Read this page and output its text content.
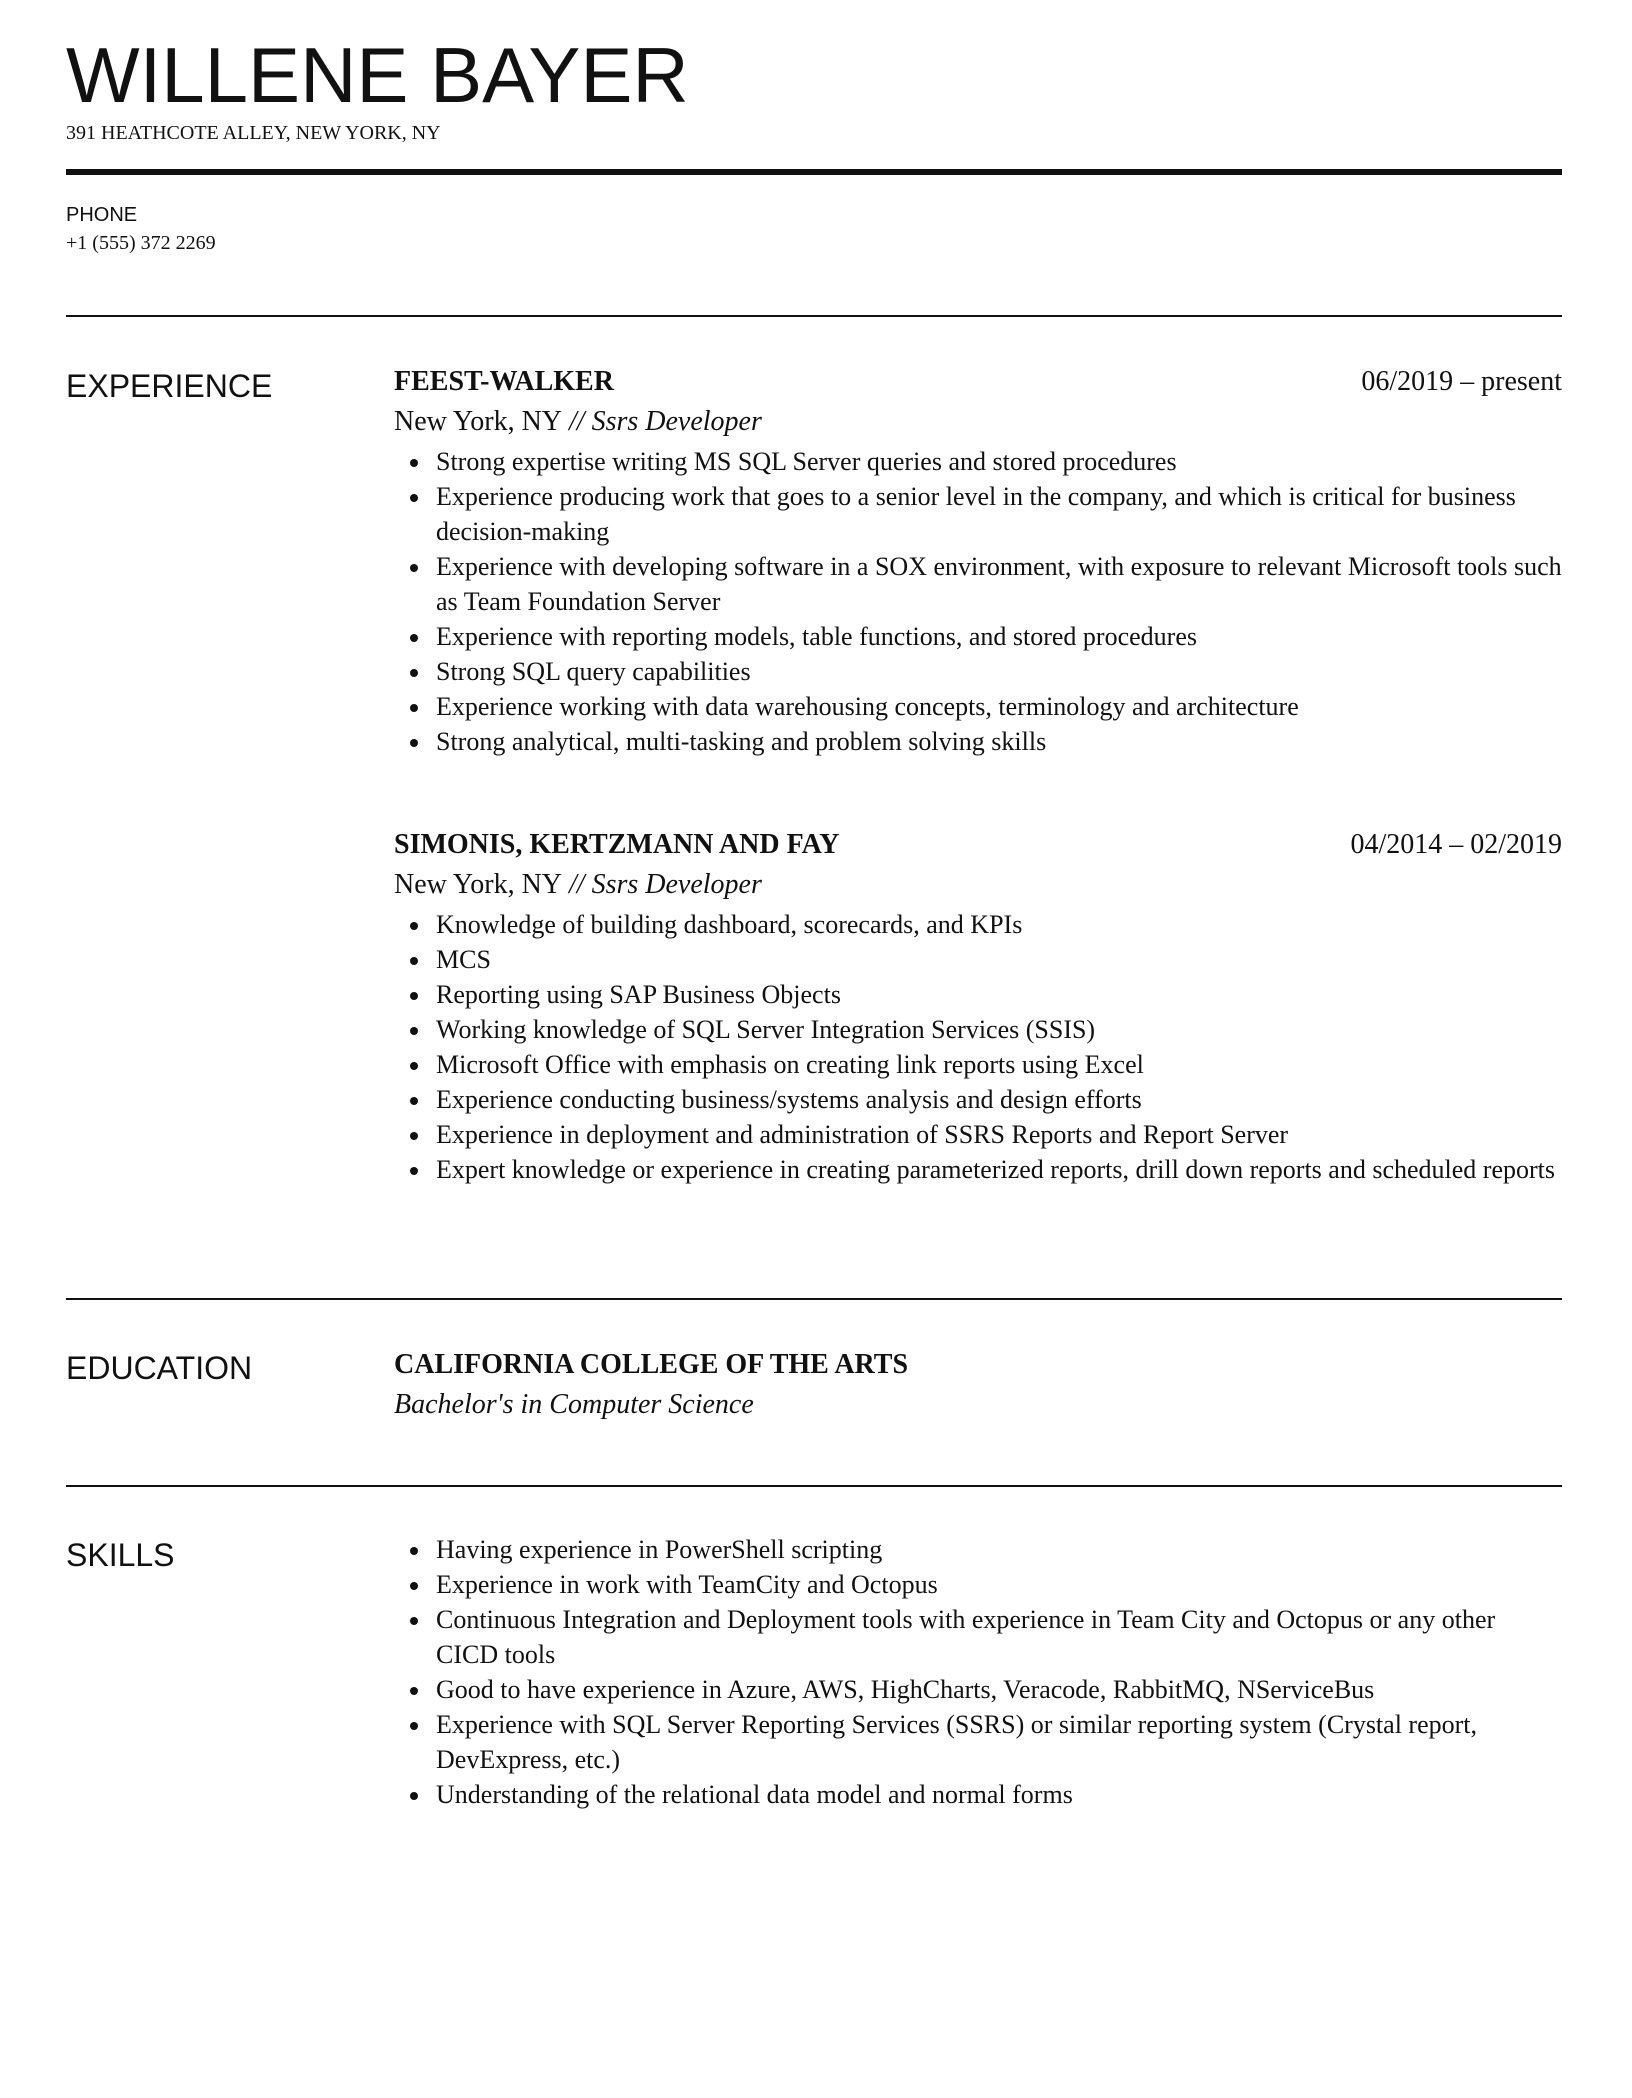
WILLENE BAYER
391 HEATHCOTE ALLEY, NEW YORK, NY
PHONE
+1 (555) 372 2269
EXPERIENCE	FEEST-WALKER	06/2019 – present
New York, NY // Ssrs Developer
Strong expertise writing MS SQL Server queries and stored procedures
Experience producing work that goes to a senior level in the company, and which is critical for business decision-making
Experience with developing software in a SOX environment, with exposure to relevant Microsoft tools such as Team Foundation Server
Experience with reporting models, table functions, and stored procedures
Strong SQL query capabilities
Experience working with data warehousing concepts, terminology and architecture
Strong analytical, multi-tasking and problem solving skills
SIMONIS, KERTZMANN AND FAY	04/2014 – 02/2019
New York, NY // Ssrs Developer
Knowledge of building dashboard, scorecards, and KPIs
MCS
Reporting using SAP Business Objects
Working knowledge of SQL Server Integration Services (SSIS)
Microsoft Office with emphasis on creating link reports using Excel
Experience conducting business/systems analysis and design efforts
Experience in deployment and administration of SSRS Reports and Report Server
Expert knowledge or experience in creating parameterized reports, drill down reports and scheduled reports
EDUCATION	CALIFORNIA COLLEGE OF THE ARTS
Bachelor's in Computer Science
SKILLS	Having experience in PowerShell scripting
Experience in work with TeamCity and Octopus
Continuous Integration and Deployment tools with experience in Team City and Octopus or any other CICD tools
Good to have experience in Azure, AWS, HighCharts, Veracode, RabbitMQ, NServiceBus
Experience with SQL Server Reporting Services (SSRS) or similar reporting system (Crystal report, DevExpress, etc.)
Understanding of the relational data model and normal forms
